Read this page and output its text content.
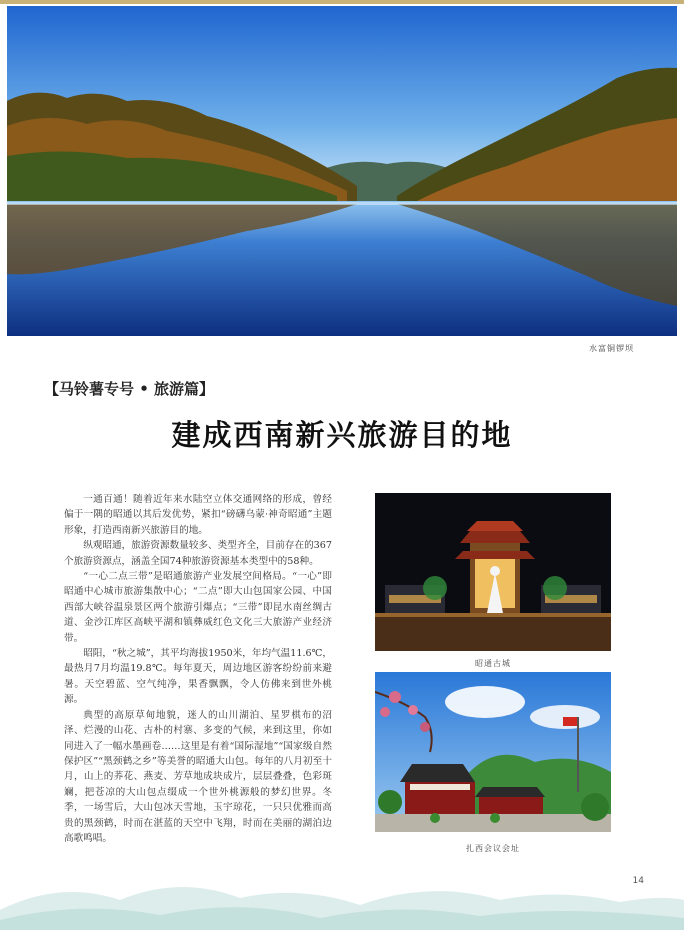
水富铜锣坝
【马铃薯专号 • 旅游篇】
建成西南新兴旅游目的地

一通百通！随着近年来水陆空立体交通网络的形成，曾经偏于一隅的昭通以其后发优势，紧扣“磅礴乌蒙·神奇昭通”主题形象，打造西南新兴旅游目的地。

纵观昭通，旅游资源数量较多、类型齐全，目前存在的367个旅游资源点，涵盖全国74种旅游资源基本类型中的58种。

“一心二点三带”是昭通旅游产业发展空间格局。“一心”即昭通中心城市旅游集散中心；“二点”即大山包国家公园、中国西部大峡谷温泉景区两个旅游引爆点；“三带”即昆水南丝绸古道、金沙江库区高峡平湖和镇彝威红色文化三大旅游产业经济带。

昭阳，“秋之城”，其平均海拔1950米，年均气温11.6℃，最热月7月均温19.8℃。每年夏天，周边地区游客纷纷前来避暑。天空碧蓝、空气纯净，果香飘飘，令人仿佛来到世外桃源。

典型的高原草甸地貌，迷人的山川湖泊、星罗棋布的沼泽、烂漫的山花、古朴的村寨、多变的气候，来到这里，你如同进入了一幅水墨画卷……这里是有着“国际湿地”“国家级自然保护区”“黑颈鹤之乡”等美誉的昭通大山包。每年的八月初至十月，山上的荞花、燕麦、芳草地成块成片，层层叠叠，色彩斑斓，把苍凉的大山包点缀成一个世外桃源般的梦幻世界。冬季，一场雪后，大山包冰天雪地，玉宇琼花，一只只优雅而高贵的黑颈鹤，时而在湛蓝的天空中飞翔，时而在美丽的湖泊边高歌鸣唱。

昭通古城
扎西会议会址
14
